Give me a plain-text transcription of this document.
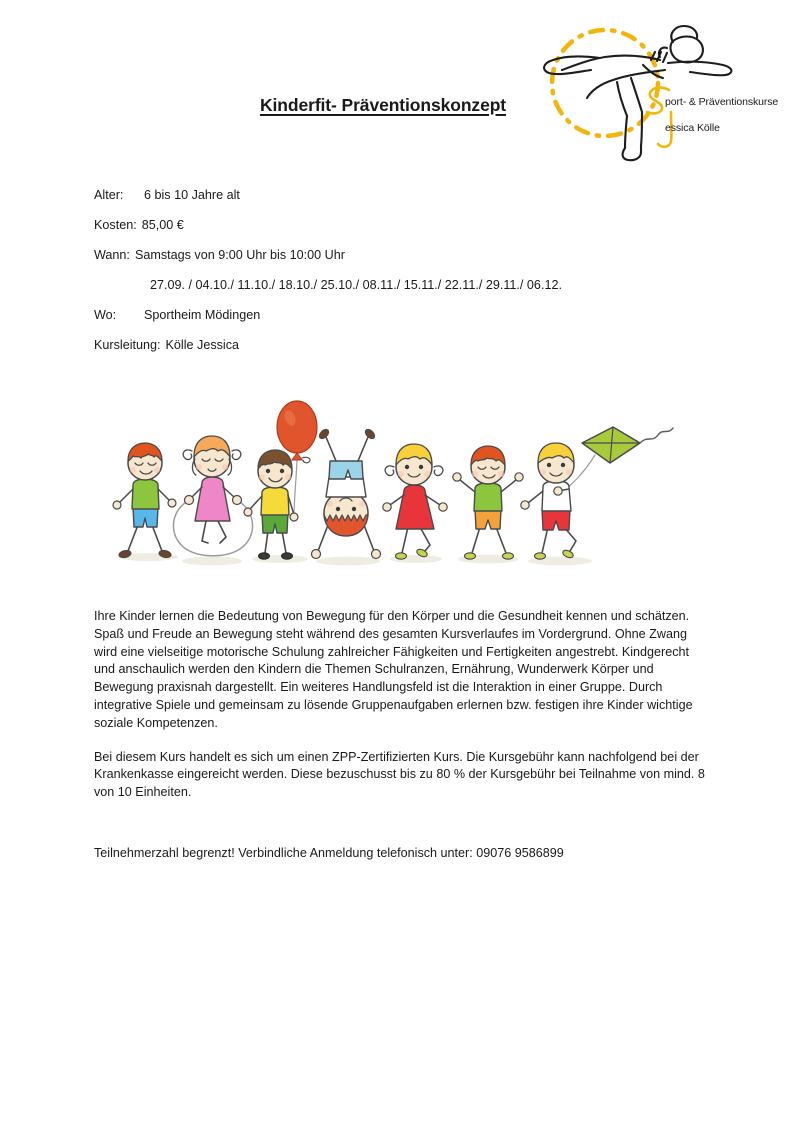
port- & Präventionskurse
essica Kölle
Kinderfit- Präventionskonzept
Alter:	6 bis 10 Jahre alt
Kosten: 85,00 €
Wann: Samstags von 9:00 Uhr bis 10:00 Uhr
27.09. / 04.10./ 11.10./ 18.10./ 25.10./ 08.11./ 15.11./ 22.11./ 29.11./ 06.12.
Wo:	Sportheim Mödingen
Kursleitung: Kölle Jessica

Ihre Kinder lernen die Bedeutung von Bewegung für den Körper und die Gesundheit kennen und schätzen. Spaß und Freude an Bewegung steht während des gesamten Kursverlaufes im Vordergrund. Ohne Zwang wird eine vielseitige motorische Schulung zahlreicher Fähigkeiten und Fertigkeiten angestrebt. Kindgerecht und anschaulich werden den Kindern die Themen Schulranzen, Ernährung, Wunderwerk Körper und Bewegung praxisnah dargestellt. Ein weiteres Handlungsfeld ist die Interaktion in einer Gruppe. Durch integrative Spiele und gemeinsam zu lösende Gruppenaufgaben erlernen bzw. festigen ihre Kinder wichtige soziale Kompetenzen.

Bei diesem Kurs handelt es sich um einen ZPP-Zertifizierten Kurs. Die Kursgebühr kann nachfolgend bei der Krankenkasse eingereicht werden. Diese bezuschusst bis zu 80 % der Kursgebühr bei Teilnahme von mind. 8 von 10 Einheiten.

Teilnehmerzahl begrenzt! Verbindliche Anmeldung telefonisch unter: 09076 9586899
